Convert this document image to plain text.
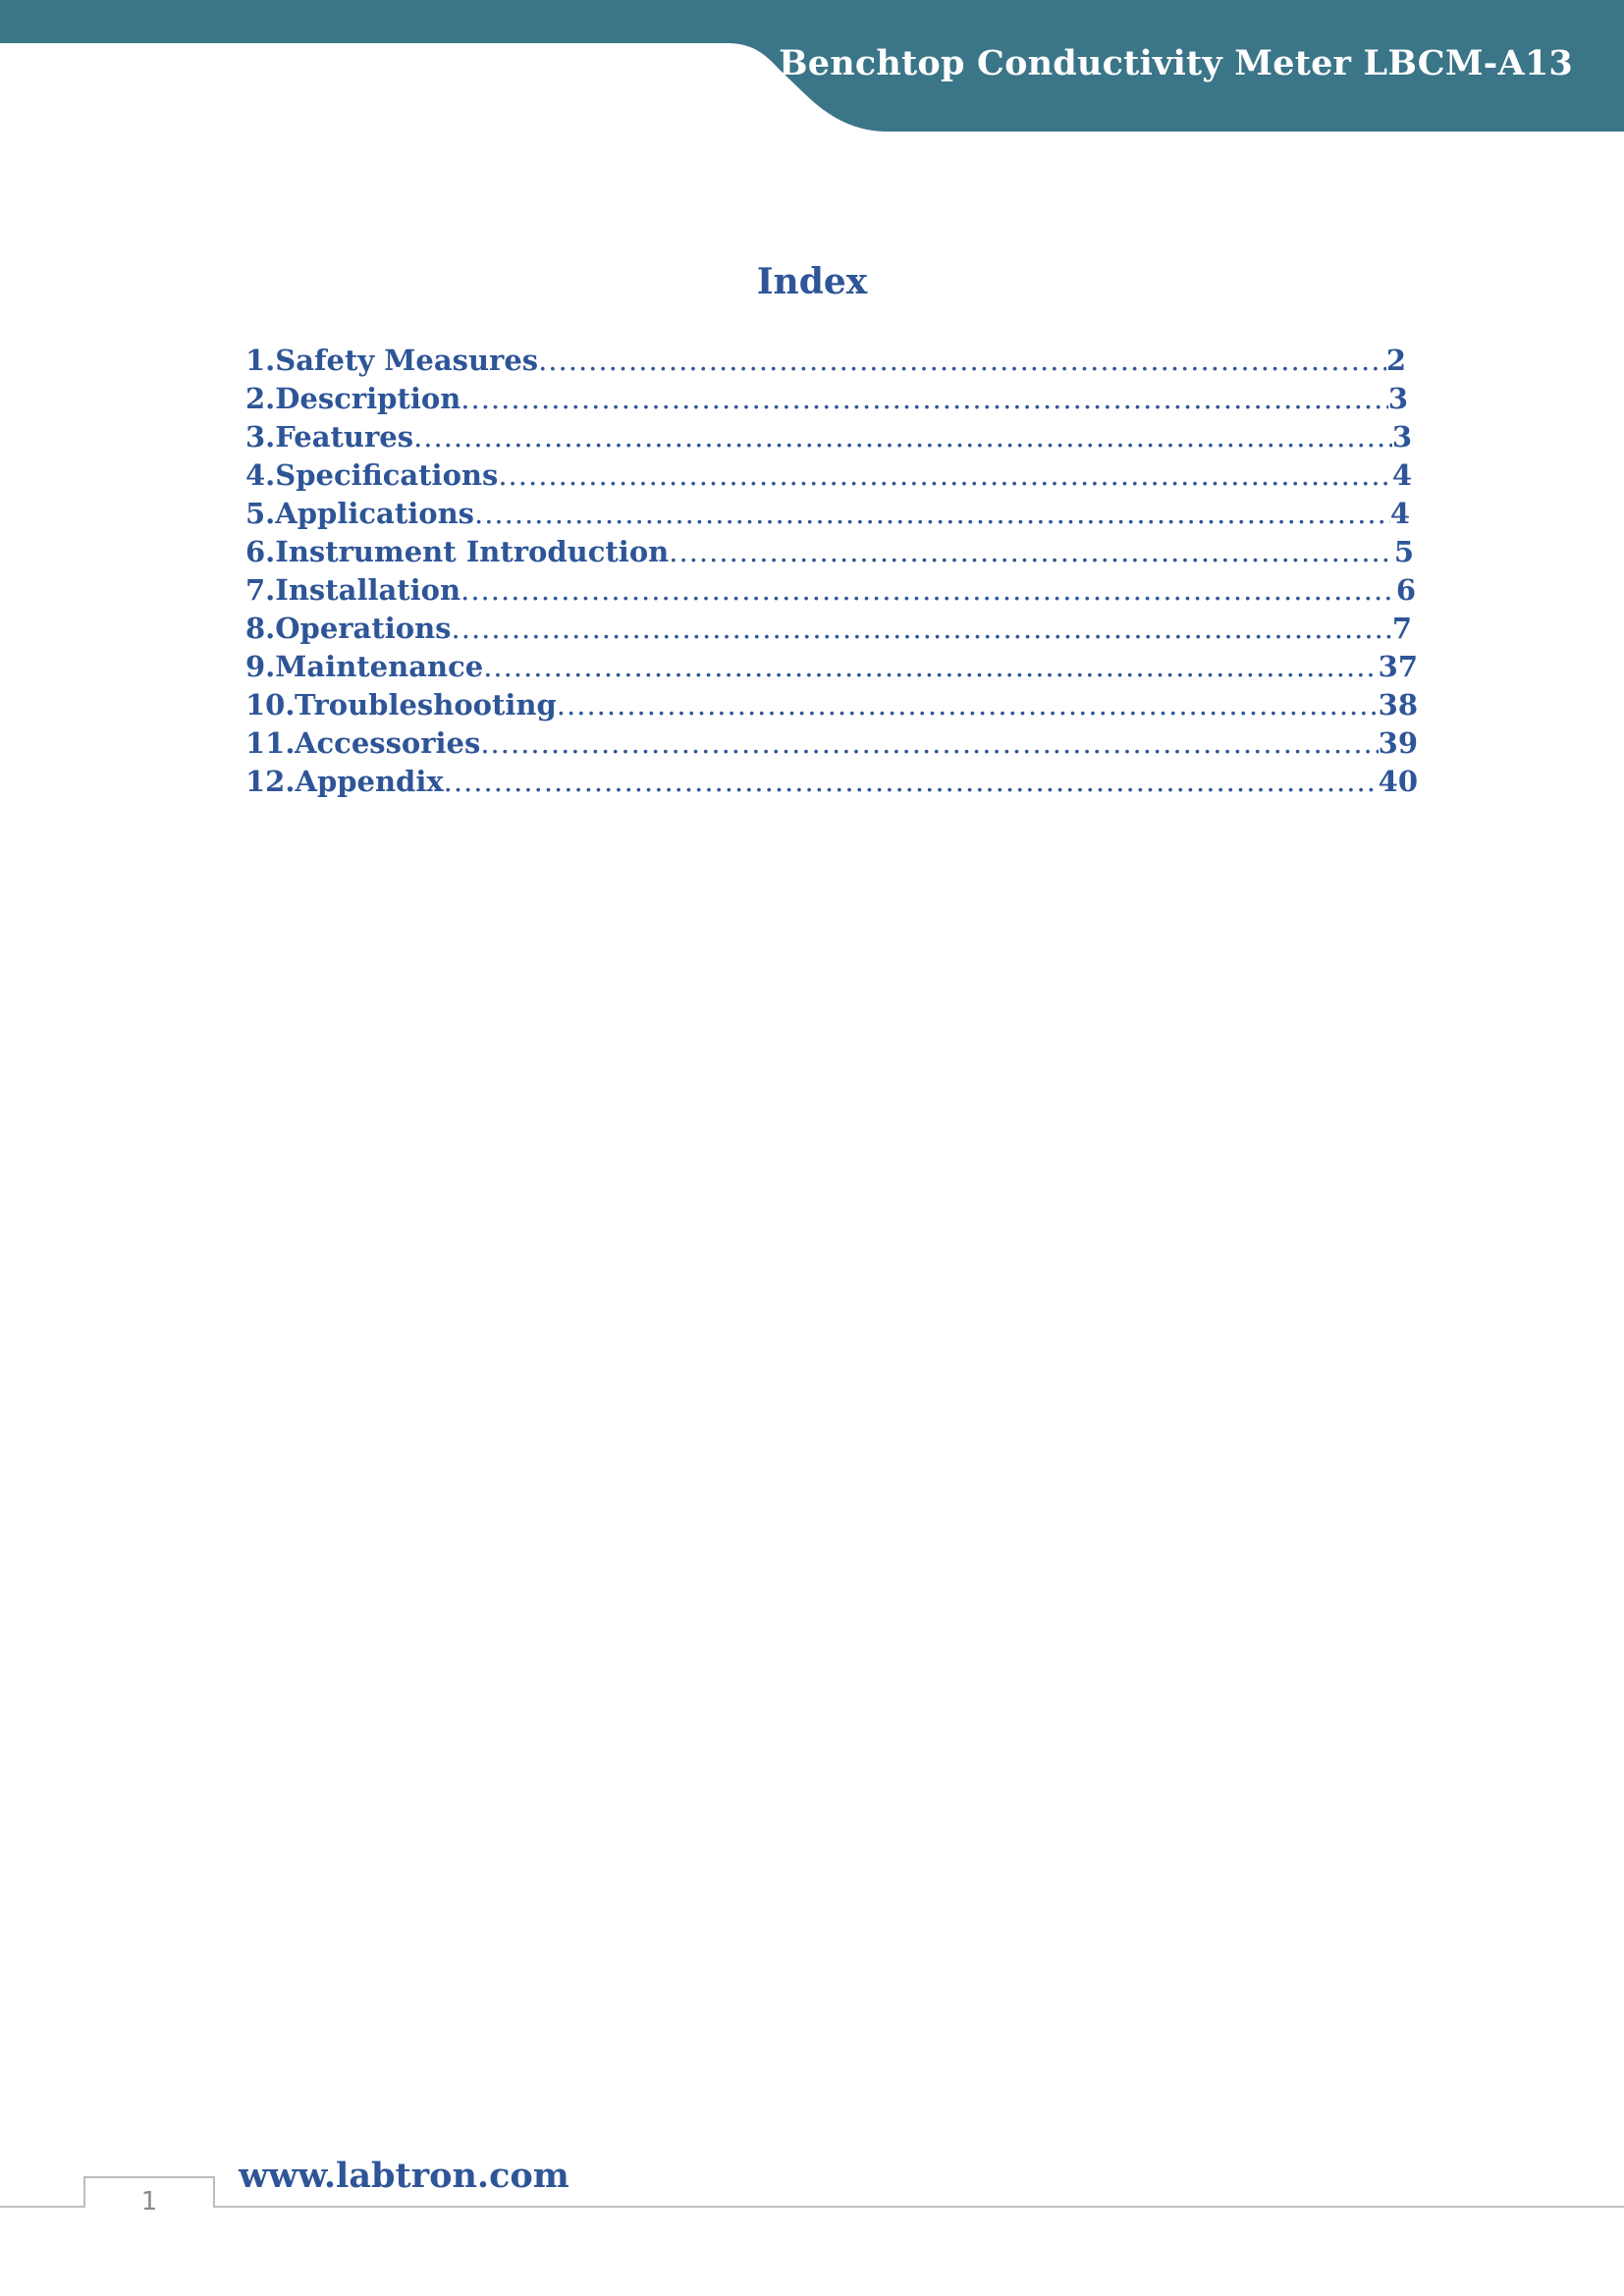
Benchtop Conductivity Meter LBCM-A13
Index
1. Safety Measures .....	2
2. Description .....	3
3. Features .....	3
4. Specifications .....	4
5. Applications .....	4
6. Instrument Introduction .....	5
7. Installation .....	6
8. Operations .....	7
9. Maintenance .....	37
10. Troubleshooting .....	38
11. Accessories .....	39
12. Appendix .....	40
1
www.labtron.com
